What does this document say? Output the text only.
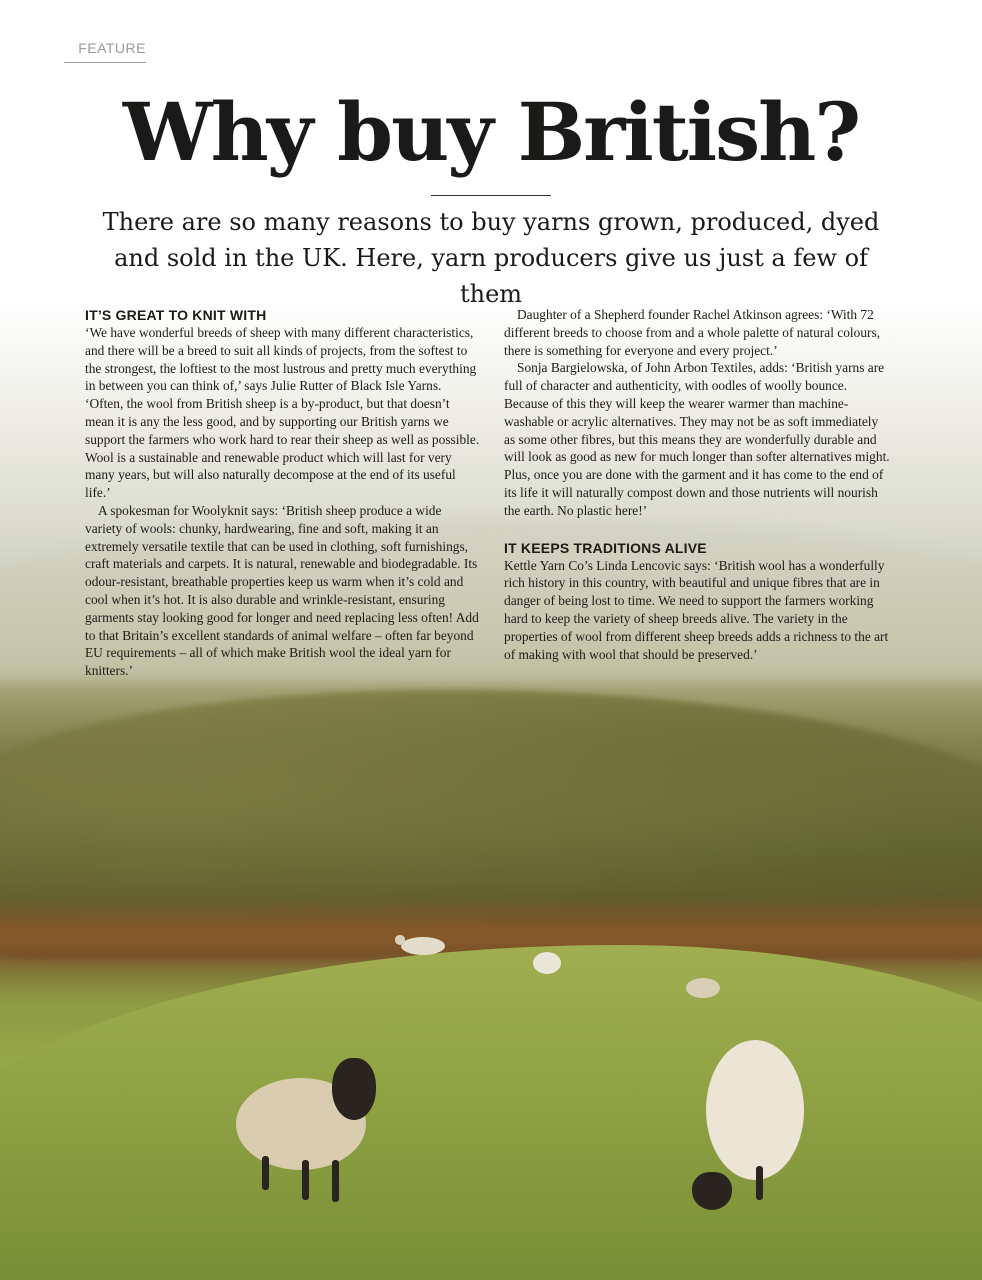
FEATURE
Why buy British?
There are so many reasons to buy yarns grown, produced, dyed and sold in the UK. Here, yarn producers give us just a few of them
IT’S GREAT TO KNIT WITH

‘We have wonderful breeds of sheep with many different characteristics, and there will be a breed to suit all kinds of projects, from the softest to the strongest, the loftiest to the most lustrous and pretty much everything in between you can think of,’ says Julie Rutter of Black Isle Yarns. ‘Often, the wool from British sheep is a by-product, but that doesn’t mean it is any the less good, and by supporting our British yarns we support the farmers who work hard to rear their sheep as well as possible. Wool is a sustainable and renewable product which will last for very many years, but will also naturally decompose at the end of its useful life.’

A spokesman for Woolyknit says: ‘British sheep produce a wide variety of wools: chunky, hardwearing, fine and soft, making it an extremely versatile textile that can be used in clothing, soft furnishings, craft materials and carpets. It is natural, renewable and biodegradable. Its odour-resistant, breathable properties keep us warm when it’s cold and cool when it’s hot. It is also durable and wrinkle-resistant, ensuring garments stay looking good for longer and need replacing less often! Add to that Britain’s excellent standards of animal welfare – often far beyond EU requirements – all of which make British wool the ideal yarn for knitters.’

Daughter of a Shepherd founder Rachel Atkinson agrees: ‘With 72 different breeds to choose from and a whole palette of natural colours, there is something for everyone and every project.’

Sonja Bargielowska, of John Arbon Textiles, adds: ‘British yarns are full of character and authenticity, with oodles of woolly bounce. Because of this they will keep the wearer warmer than machine-washable or acrylic alternatives. They may not be as soft immediately as some other fibres, but this means they are wonderfully durable and will look as good as new for much longer than softer alternatives might. Plus, once you are done with the garment and it has come to the end of its life it will naturally compost down and those nutrients will nourish the earth. No plastic here!’

IT KEEPS TRADITIONS ALIVE

Kettle Yarn Co’s Linda Lencovic says: ‘British wool has a wonderfully rich history in this country, with beautiful and unique fibres that are in danger of being lost to time. We need to support the farmers working hard to keep the variety of sheep breeds alive. The variety in the properties of wool from different sheep breeds adds a richness to the art of making with wool that should be preserved.’
